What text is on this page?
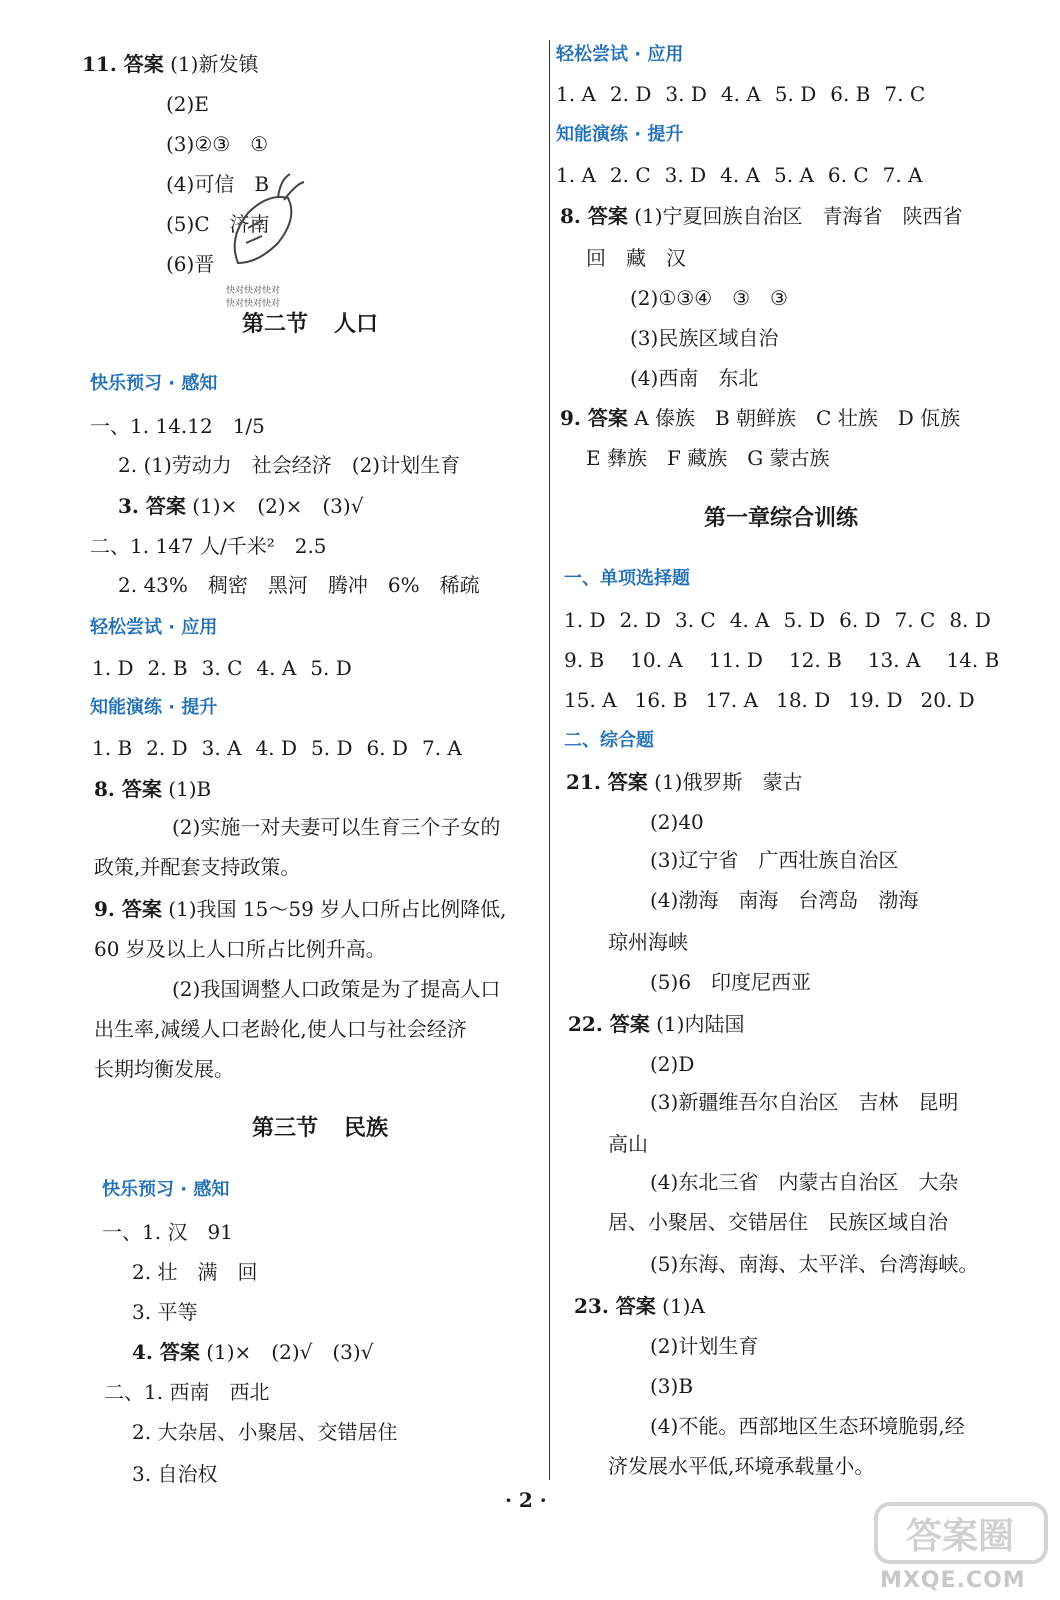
11. 答案 (1)新发镇
(2)E
(3)②③　①
(4)可信　B
(5)C　济南
(6)晋
快对快对快对
快对快对快对
第二节 人口
快乐预习 · 感知
一、1. 14.12　1/5
2. (1)劳动力　社会经济　(2)计划生育
3. 答案 (1)×　(2)×　(3)√
二、1. 147 人/千米²　2.5
2. 43%　稠密　黑河　腾冲　6%　稀疏
轻松尝试 · 应用
1. D 2. B 3. C 4. A 5. D
知能演练 · 提升
1. B 2. D 3. A 4. D 5. D 6. D 7. A
8. 答案 (1)B
(2)实施一对夫妻可以生育三个子女的
政策,并配套支持政策。
9. 答案 (1)我国 15～59 岁人口所占比例降低,
60 岁及以上人口所占比例升高。
(2)我国调整人口政策是为了提高人口
出生率,减缓人口老龄化,使人口与社会经济
长期均衡发展。
第三节 民族
快乐预习 · 感知
一、1. 汉　91
2. 壮　满　回
3. 平等
4. 答案 (1)×　(2)√　(3)√
二、1. 西南　西北
2. 大杂居、小聚居、交错居住
3. 自治权
轻松尝试 · 应用
1. A 2. D 3. D 4. A 5. D 6. B 7. C
知能演练 · 提升
1. A 2. C 3. D 4. A 5. A 6. C 7. A
8. 答案 (1)宁夏回族自治区　青海省　陕西省
回　藏　汉
(2)①③④　③　③
(3)民族区域自治
(4)西南　东北
9. 答案 A 傣族　B 朝鲜族　C 壮族　D 佤族
E 彝族　F 藏族　G 蒙古族
第一章综合训练
一、单项选择题
1. D 2. D 3. C 4. A 5. D 6. D 7. C 8. D
9. B 10. A 11. D 12. B 13. A 14. B
15. A 16. B 17. A 18. D 19. D 20. D
二、综合题
21. 答案 (1)俄罗斯　蒙古
(2)40
(3)辽宁省　广西壮族自治区
(4)渤海　南海　台湾岛　渤海
琼州海峡
(5)6　印度尼西亚
22. 答案 (1)内陆国
(2)D
(3)新疆维吾尔自治区　吉林　昆明
高山
(4)东北三省　内蒙古自治区　大杂
居、小聚居、交错居住　民族区域自治
(5)东海、南海、太平洋、台湾海峡。
23. 答案 (1)A
(2)计划生育
(3)B
(4)不能。西部地区生态环境脆弱,经
济发展水平低,环境承载量小。
· 2 ·
答案圈
MXQE.COM
